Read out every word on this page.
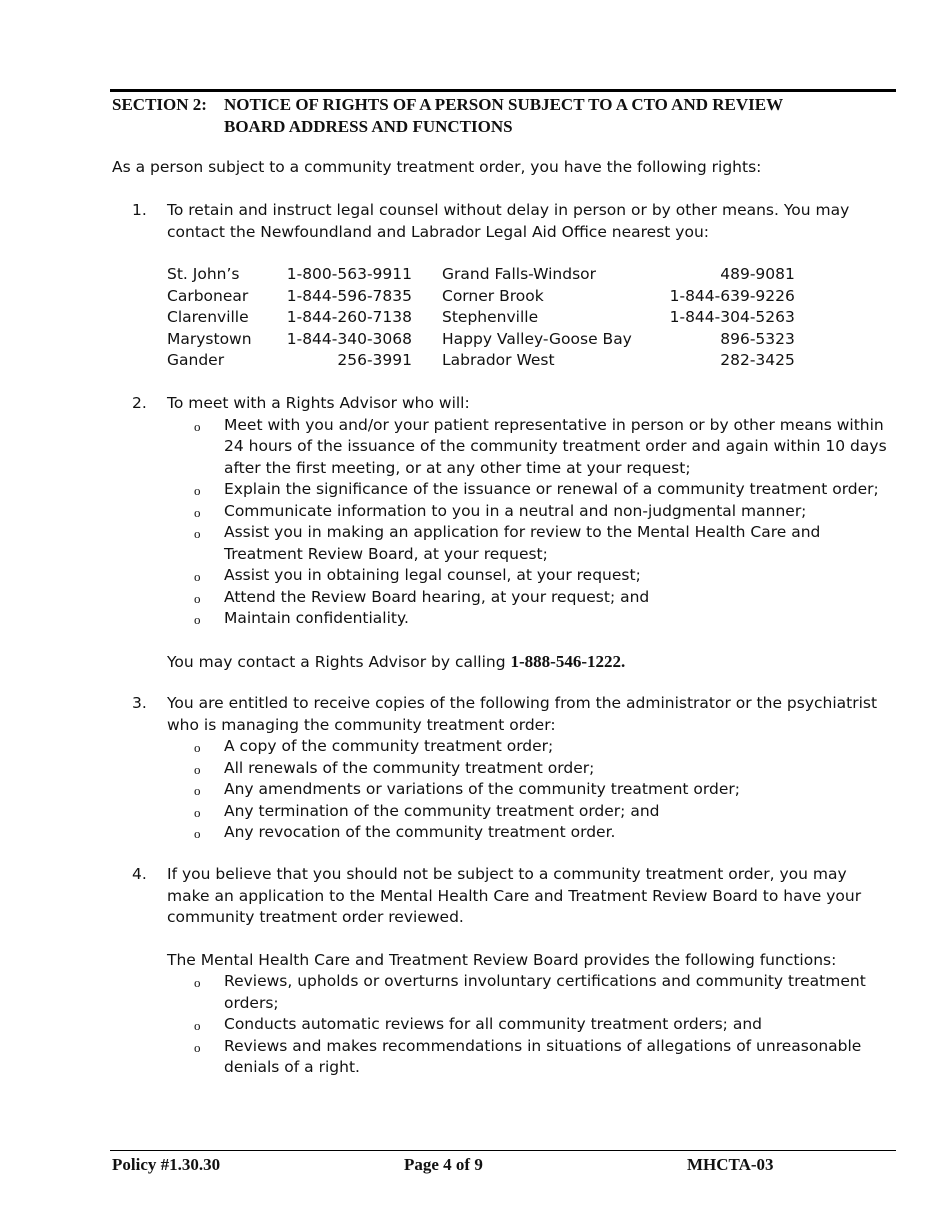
SECTION 2: NOTICE OF RIGHTS OF A PERSON SUBJECT TO A CTO AND REVIEW
BOARD ADDRESS AND FUNCTIONS
As a person subject to a community treatment order, you have the following rights:
1.	To retain and instruct legal counsel without delay in person or by other means. You may contact the Newfoundland and Labrador Legal Aid Office nearest you:
St. John’s	1-800-563-9911	Grand Falls-Windsor	489-9081
Carbonear	1-844-596-7835	Corner Brook	1-844-639-9226
Clarenville	1-844-260-7138	Stephenville	1-844-304-5263
Marystown	1-844-340-3068	Happy Valley-Goose Bay	896-5323
Gander	256-3991	Labrador West	282-3425
2.	To meet with a Rights Advisor who will:
o Meet with you and/or your patient representative in person or by other means within 24 hours of the issuance of the community treatment order and again within 10 days after the first meeting, or at any other time at your request;
o Explain the significance of the issuance or renewal of a community treatment order;
o Communicate information to you in a neutral and non-judgmental manner;
o Assist you in making an application for review to the Mental Health Care and Treatment Review Board, at your request;
o Assist you in obtaining legal counsel, at your request;
o Attend the Review Board hearing, at your request; and
o Maintain confidentiality.
You may contact a Rights Advisor by calling 1-888-546-1222.
3.	You are entitled to receive copies of the following from the administrator or the psychiatrist who is managing the community treatment order:
o A copy of the community treatment order;
o All renewals of the community treatment order;
o Any amendments or variations of the community treatment order;
o Any termination of the community treatment order; and
o Any revocation of the community treatment order.
4.	If you believe that you should not be subject to a community treatment order, you may make an application to the Mental Health Care and Treatment Review Board to have your community treatment order reviewed.
The Mental Health Care and Treatment Review Board provides the following functions:
o Reviews, upholds or overturns involuntary certifications and community treatment orders;
o Conducts automatic reviews for all community treatment orders; and
o Reviews and makes recommendations in situations of allegations of unreasonable denials of a right.
Policy #1.30.30	Page 4 of 9	MHCTA-03
